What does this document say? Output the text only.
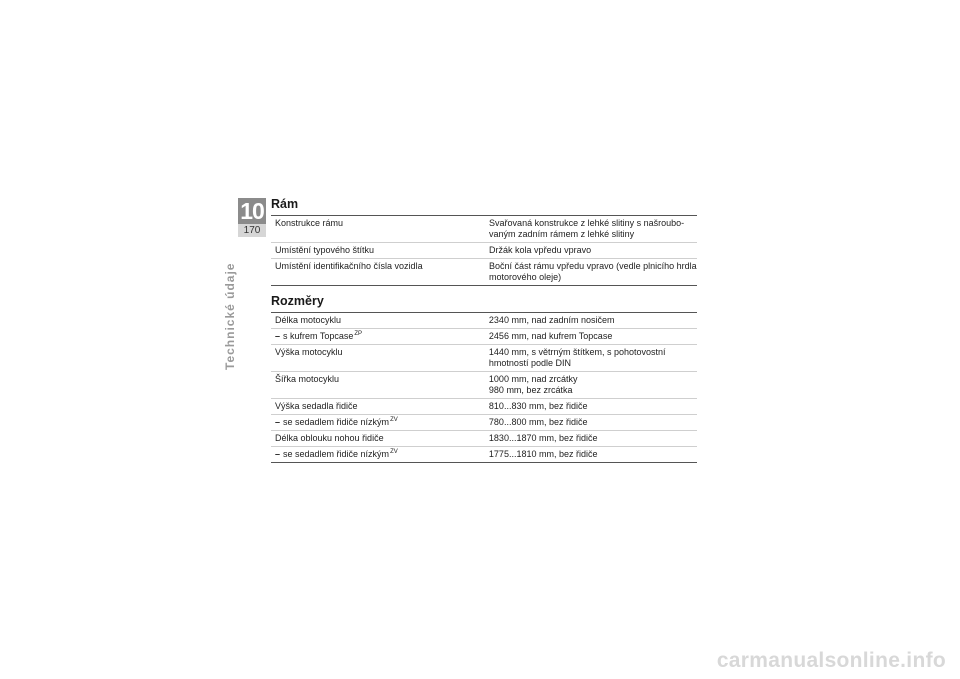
10
170
Technické údaje
Rám
Konstrukce rámu	Svařovaná konstrukce z lehké slitiny s našroubo-vaným zadním rámem z lehké slitiny
Umístění typového štítku	Držák kola vpředu vpravo
Umístění identifikačního čísla vozidla	Boční část rámu vpředu vpravo (vedle plnicího hrdla motorového oleje)
Rozměry
Délka motocyklu	2340 mm, nad zadním nosičem
– s kufrem Topcase$^{ZP}$	2456 mm, nad kufrem Topcase
Výška motocyklu	1440 mm, s větrným štítkem, s pohotovostní hmotností podle DIN
Šířka motocyklu	1000 mm, nad zrcátky
980 mm, bez zrcátka

Výška sedadla řidiče	810...830 mm, bez řidiče
– se sedadlem řidiče nízkým$^{ZV}$	780...800 mm, bez řidiče
Délka oblouku nohou řidiče	1830...1870 mm, bez řidiče
– se sedadlem řidiče nízkým$^{ZV}$	1775...1810 mm, bez řidiče
carmanualsonline.info
